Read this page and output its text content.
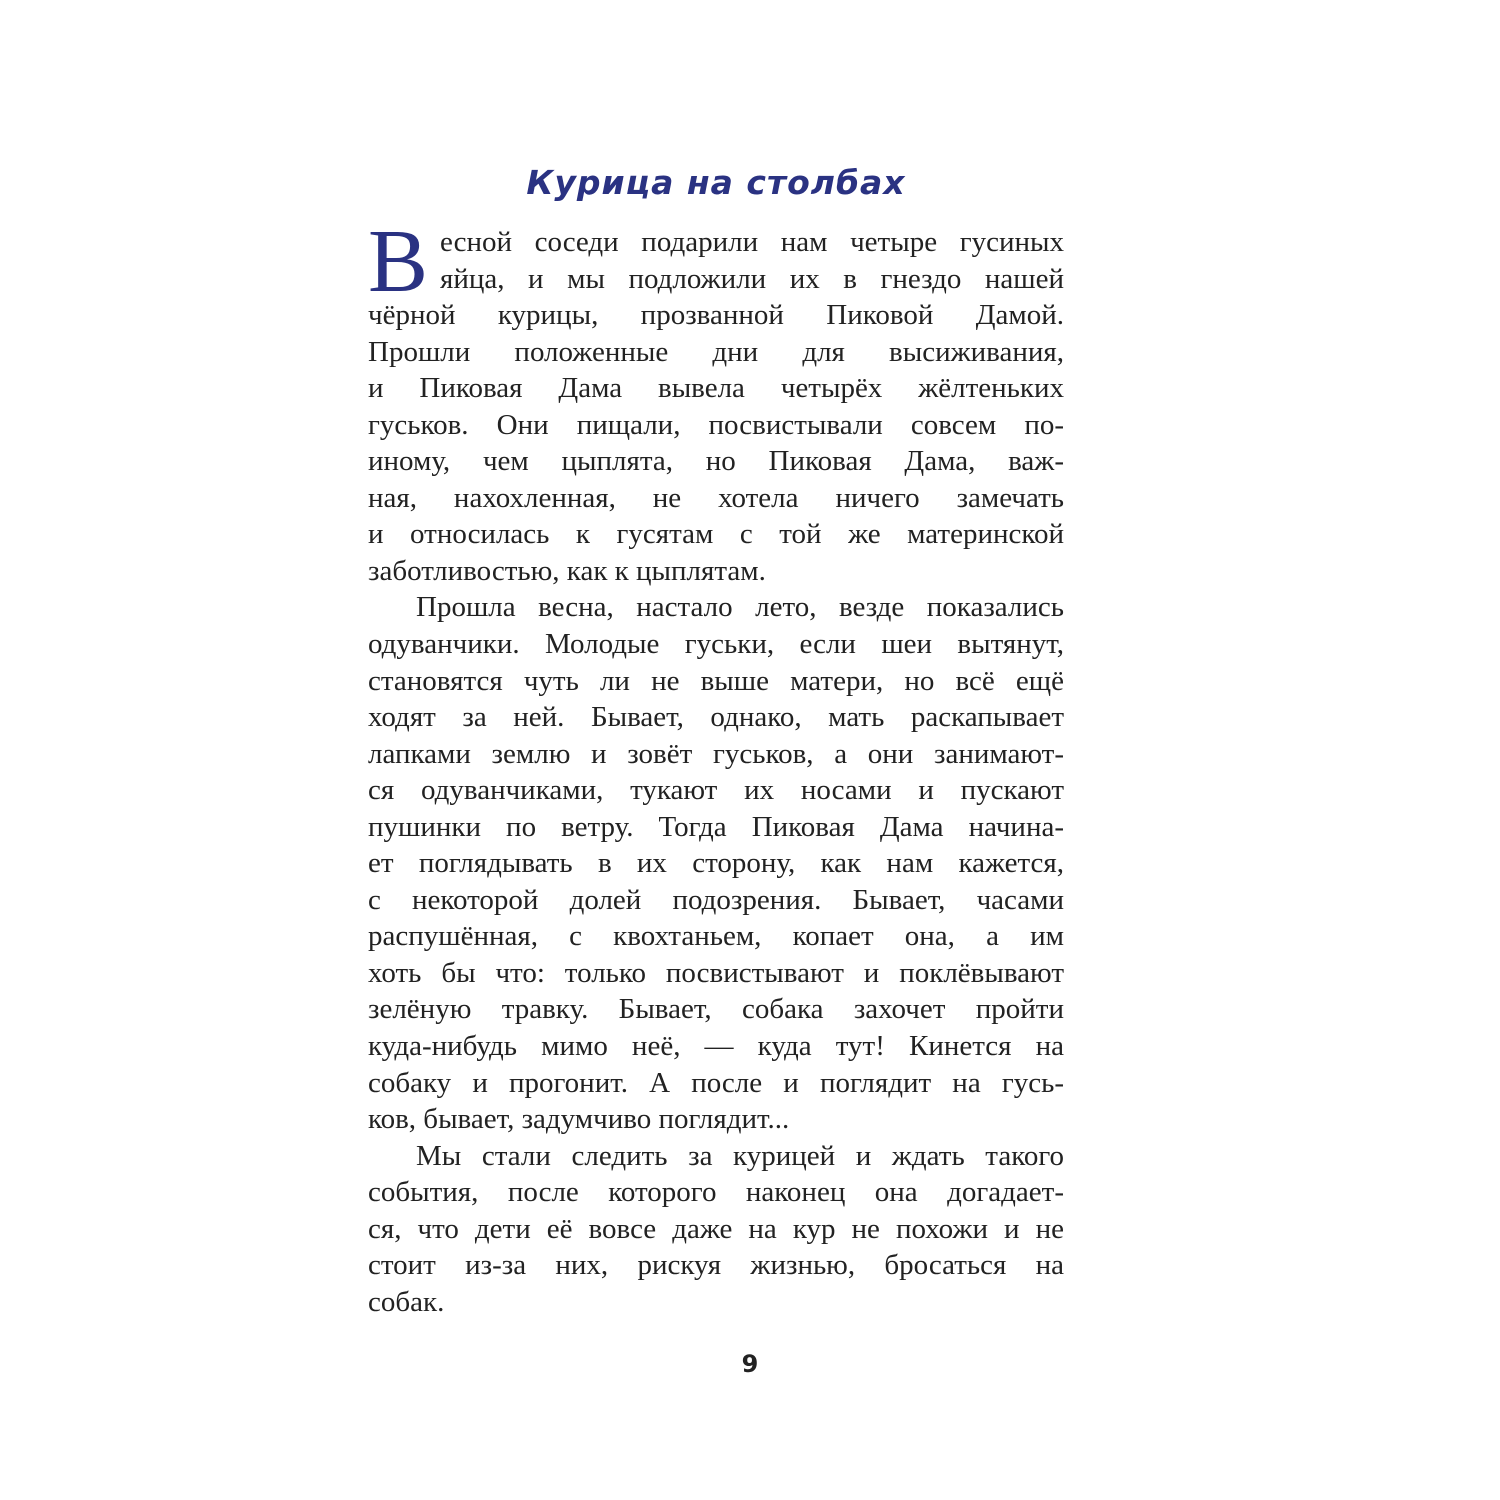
Курица на столбах
В есной соседи подарили нам четыре гусиных
яйца, и мы подложили их в гнездо нашей
чёрной курицы, прозванной Пиковой Дамой.
Прошли положенные дни для высиживания,
и Пиковая Дама вывела четырёх жёлтеньких
гуськов. Они пищали, посвистывали совсем по-
иному, чем цыплята, но Пиковая Дама, важ-
ная, нахохленная, не хотела ничего замечать
и относилась к гусятам с той же материнской
заботливостью, как к цыплятам.
Прошла весна, настало лето, везде показались
одуванчики. Молодые гуськи, если шеи вытянут,
становятся чуть ли не выше матери, но всё ещё
ходят за ней. Бывает, однако, мать раскапывает
лапками землю и зовёт гуськов, а они занимают-
ся одуванчиками, тукают их носами и пускают
пушинки по ветру. Тогда Пиковая Дама начина-
ет поглядывать в их сторону, как нам кажется,
с некоторой долей подозрения. Бывает, часами
распушённая, с квохтаньем, копает она, а им
хоть бы что: только посвистывают и поклёвывают
зелёную травку. Бывает, собака захочет пройти
куда-нибудь мимо неё, — куда тут! Кинется на
собаку и прогонит. А после и поглядит на гусь-
ков, бывает, задумчиво поглядит...
Мы стали следить за курицей и ждать такого
события, после которого наконец она догадает-
ся, что дети её вовсе даже на кур не похожи и не
стоит из-за них, рискуя жизнью, бросаться на
собак.
9
